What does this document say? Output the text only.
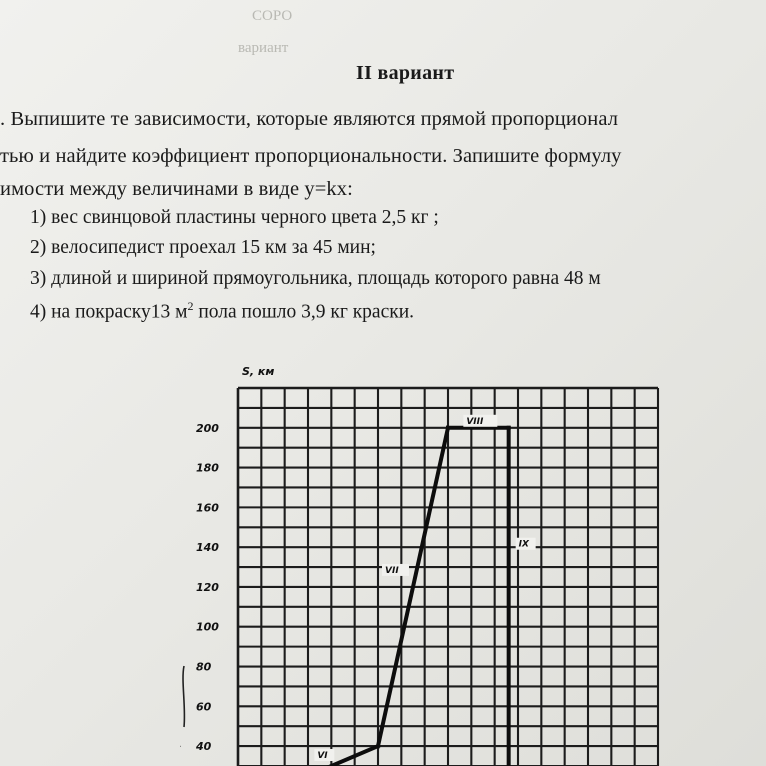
СОРО
вариант
II вариант
. Выпишите те зависимости, которые являются прямой пропорционал
тью и найдите коэффициент пропорциональности. Запишите формулу
имости между величинами в виде y=kx:
1) вес свинцовой пластины черного цвета 2,5 кг ;
2) велосипедист проехал 15 км за 45 мин;
3) длиной и шириной прямоугольника, площадь которого равна 48 м
4) на покраску13 $м^2$ пола пошло 3,9 кг краски.
40
60
80
100
120
140
160
180
200
S, км
VI
VII
VIII
IX
